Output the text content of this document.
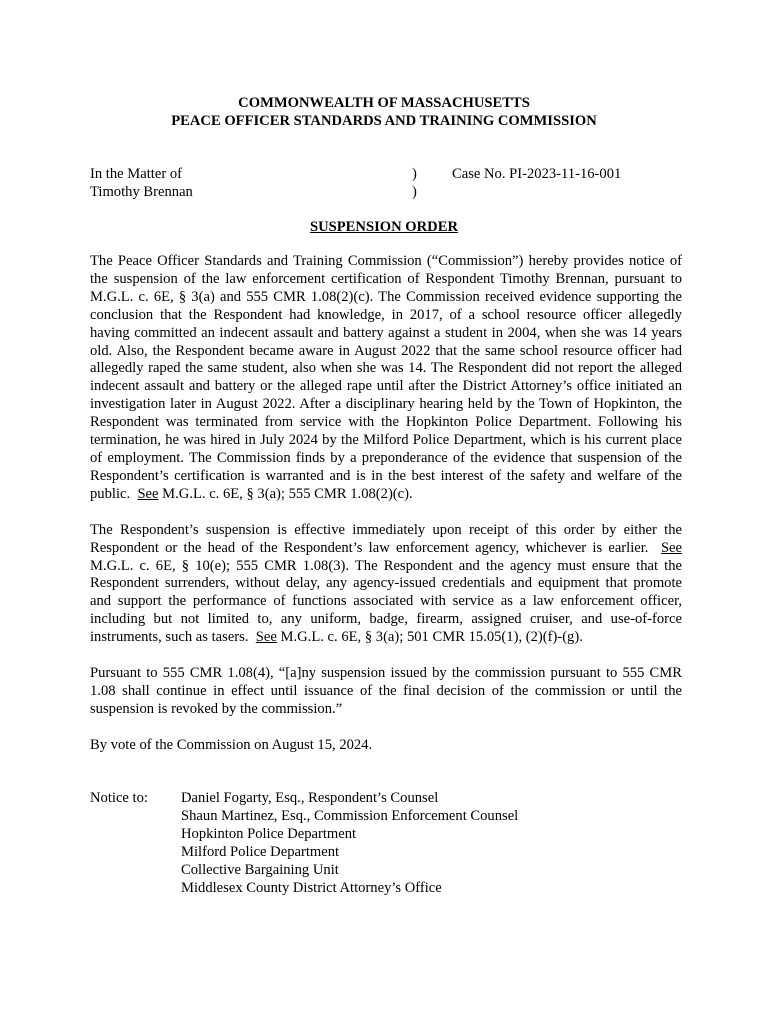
COMMONWEALTH OF MASSACHUSETTS
PEACE OFFICER STANDARDS AND TRAINING COMMISSION
In the Matter of
Timothy Brennan
)
)
Case No. PI-2023-11-16-001
SUSPENSION ORDER

The Peace Officer Standards and Training Commission (“Commission”) hereby provides notice of the suspension of the law enforcement certification of Respondent Timothy Brennan, pursuant to M.G.L. c. 6E, § 3(a) and 555 CMR 1.08(2)(c). The Commission received evidence supporting the conclusion that the Respondent had knowledge, in 2017, of a school resource officer allegedly having committed an indecent assault and battery against a student in 2004, when she was 14 years old. Also, the Respondent became aware in August 2022 that the same school resource officer had allegedly raped the same student, also when she was 14. The Respondent did not report the alleged indecent assault and battery or the alleged rape until after the District Attorney’s office initiated an investigation later in August 2022. After a disciplinary hearing held by the Town of Hopkinton, the Respondent was terminated from service with the Hopkinton Police Department. Following his termination, he was hired in July 2024 by the Milford Police Department, which is his current place of employment. The Commission finds by a preponderance of the evidence that suspension of the Respondent’s certification is warranted and is in the best interest of the safety and welfare of the public. See M.G.L. c. 6E, § 3(a); 555 CMR 1.08(2)(c).

The Respondent’s suspension is effective immediately upon receipt of this order by either the Respondent or the head of the Respondent’s law enforcement agency, whichever is earlier. See M.G.L. c. 6E, § 10(e); 555 CMR 1.08(3). The Respondent and the agency must ensure that the Respondent surrenders, without delay, any agency-issued credentials and equipment that promote and support the performance of functions associated with service as a law enforcement officer, including but not limited to, any uniform, badge, firearm, assigned cruiser, and use-of-force instruments, such as tasers. See M.G.L. c. 6E, § 3(a); 501 CMR 15.05(1), (2)(f)-(g).

Pursuant to 555 CMR 1.08(4), “[a]ny suspension issued by the commission pursuant to 555 CMR 1.08 shall continue in effect until issuance of the final decision of the commission or until the suspension is revoked by the commission.”

By vote of the Commission on August 15, 2024.

Notice to:	Daniel Fogarty, Esq., Respondent’s Counsel
Shaun Martinez, Esq., Commission Enforcement Counsel
Hopkinton Police Department
Milford Police Department
Collective Bargaining Unit
Middlesex County District Attorney’s Office
